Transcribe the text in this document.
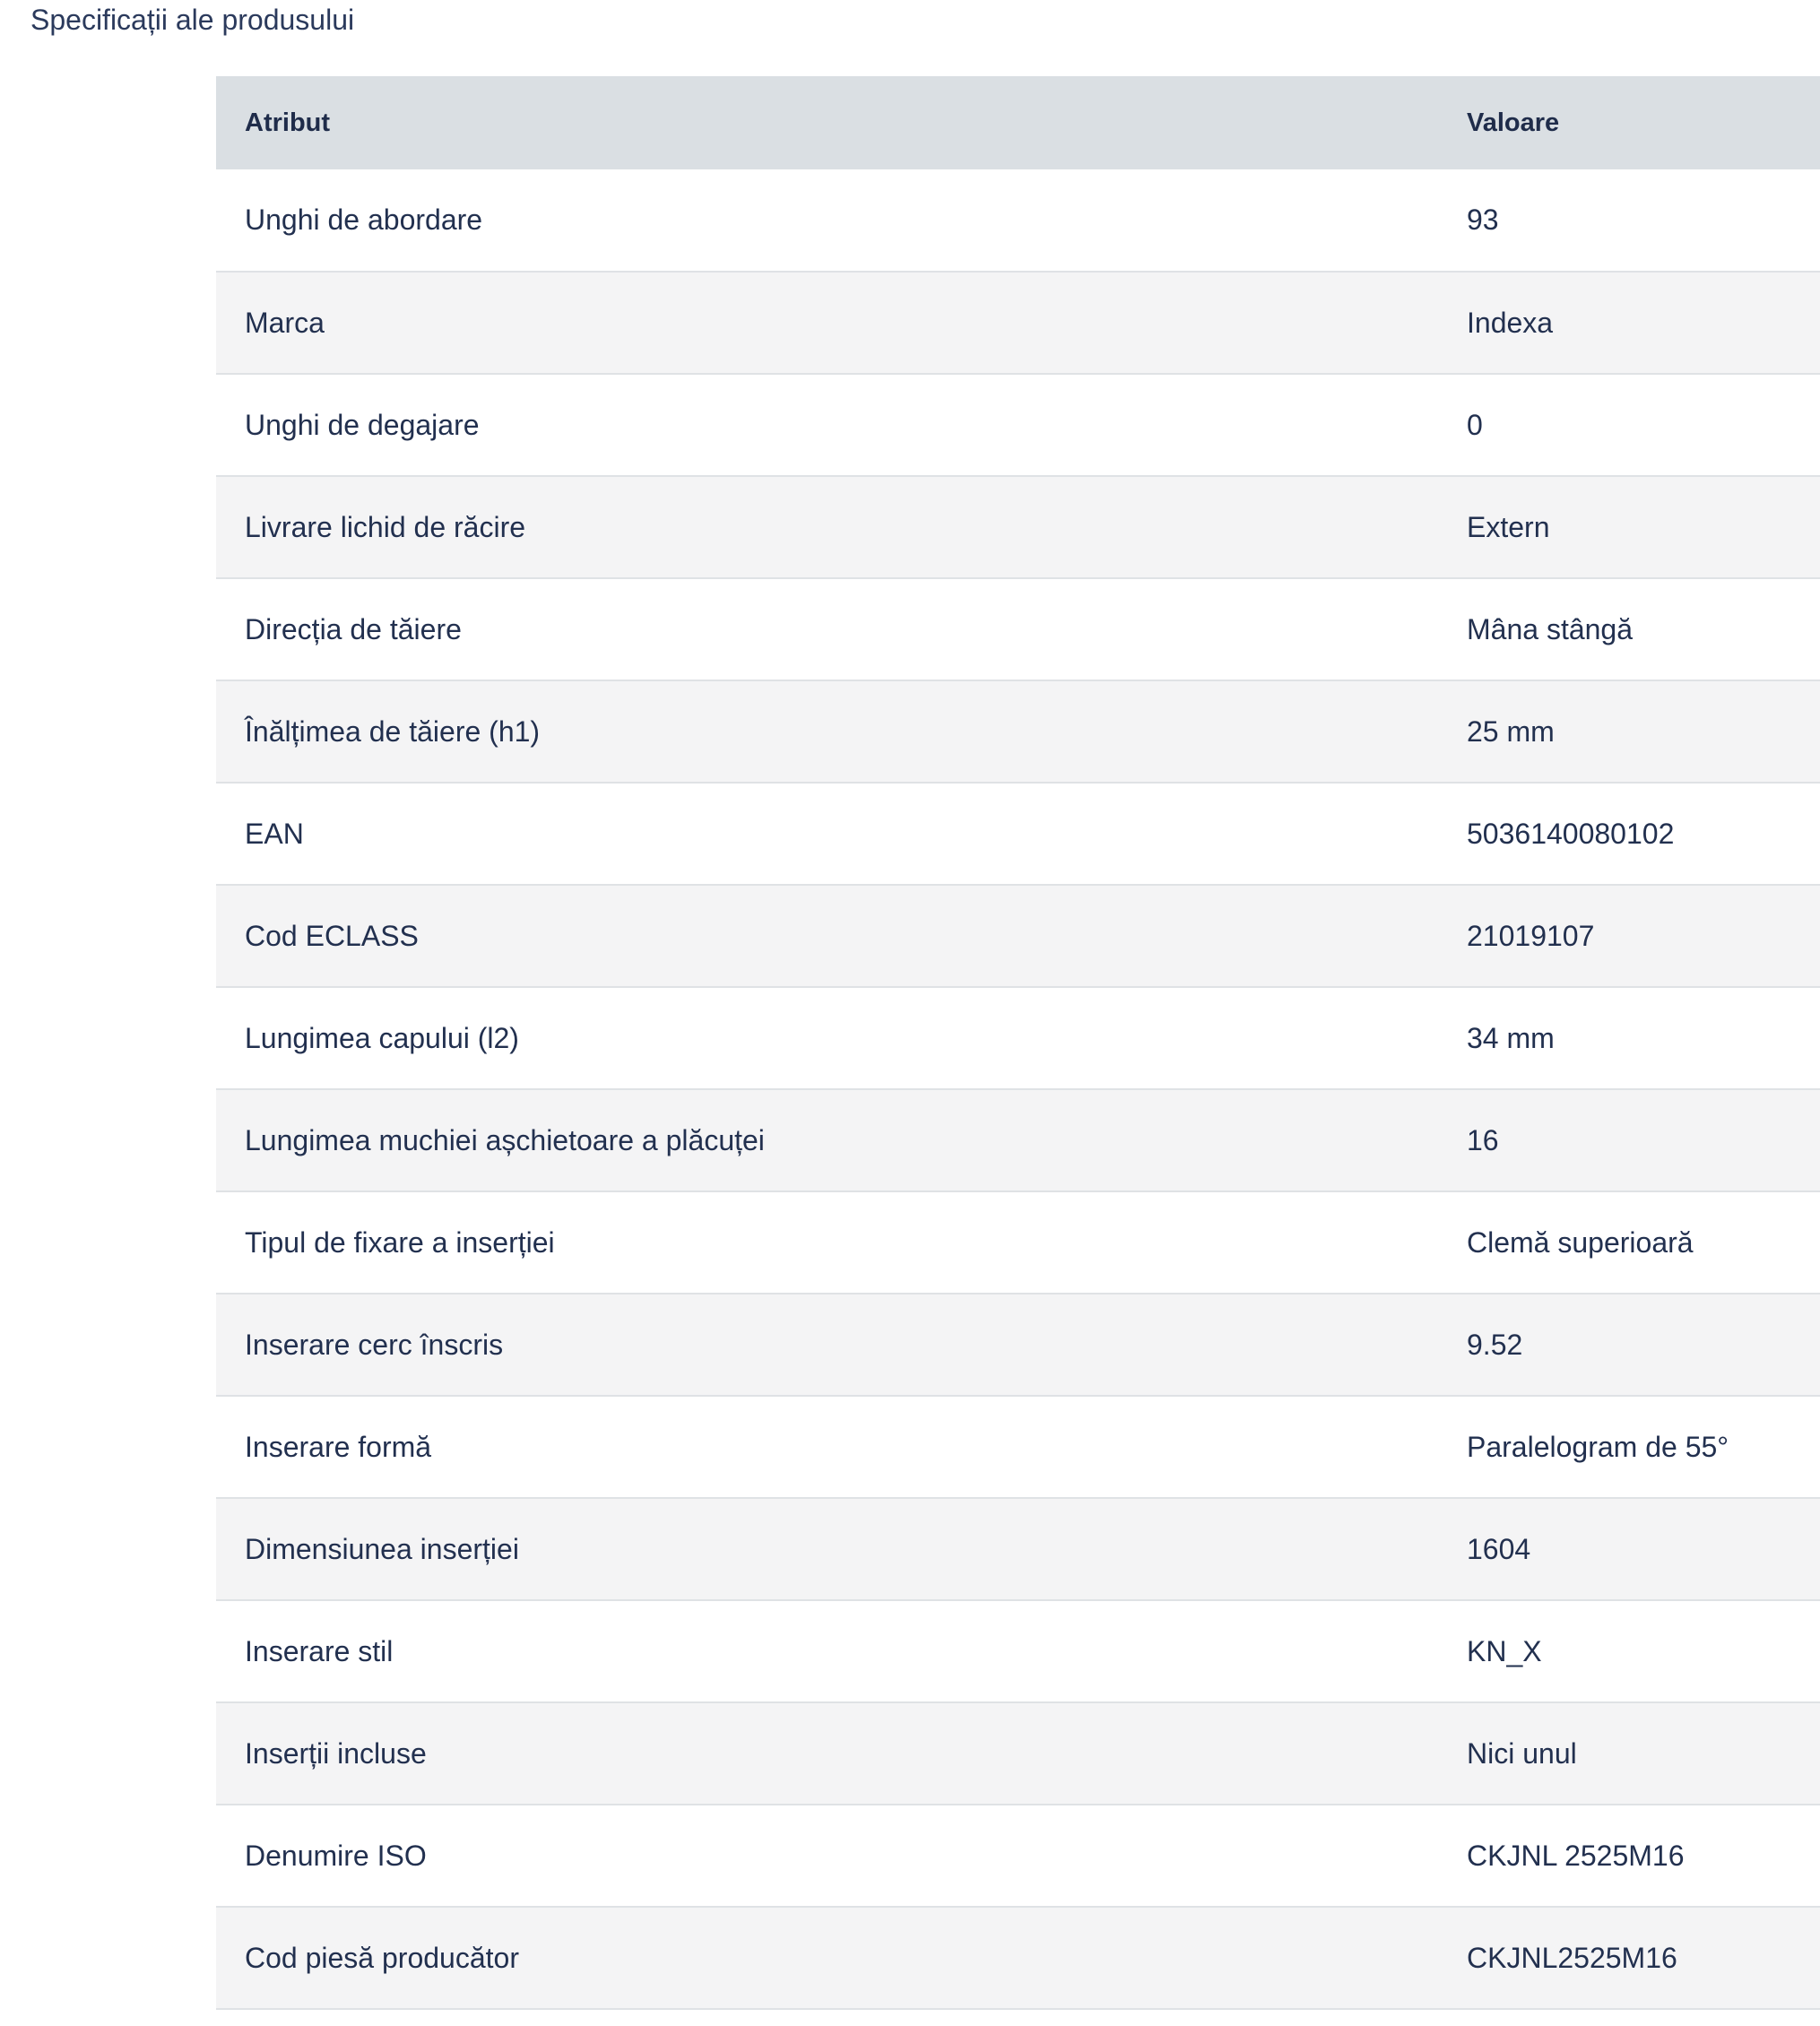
Specificații ale produsului
Atribut	Valoare
Unghi de abordare	93
Marca	Indexa
Unghi de degajare	0
Livrare lichid de răcire	Extern
Direcția de tăiere	Mâna stângă
Înălțimea de tăiere (h1)	25 mm
EAN	5036140080102
Cod ECLASS	21019107
Lungimea capului (l2)	34 mm
Lungimea muchiei așchietoare a plăcuței	16
Tipul de fixare a inserției	Clemă superioară
Inserare cerc înscris	9.52
Inserare formă	Paralelogram de 55°
Dimensiunea inserției	1604
Inserare stil	KN_X
Inserții incluse	Nici unul
Denumire ISO	CKJNL 2525M16
Cod piesă producător	CKJNL2525M16
